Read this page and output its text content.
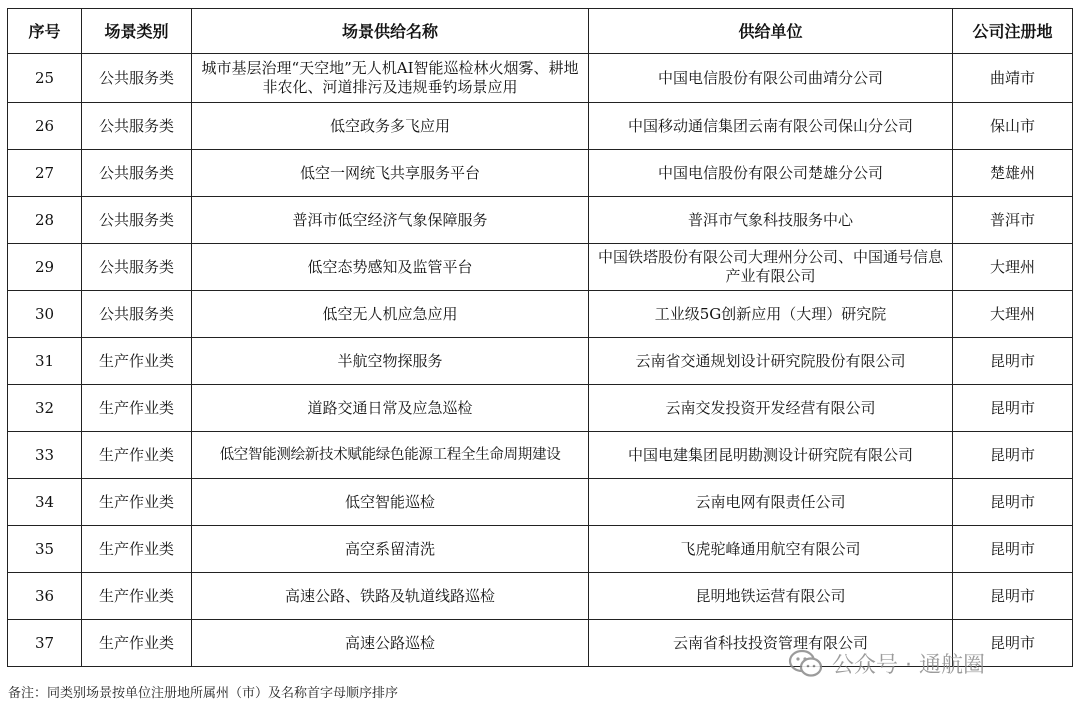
序号	场景类别	场景供给名称	供给单位	公司注册地
25	公共服务类	城市基层治理“天空地”无人机AI智能巡检林火烟雾、耕地非农化、河道排污及违规垂钓场景应用	中国电信股份有限公司曲靖分公司	曲靖市
26	公共服务类	低空政务多飞应用	中国移动通信集团云南有限公司保山分公司	保山市
27	公共服务类	低空一网统飞共享服务平台	中国电信股份有限公司楚雄分公司	楚雄州
28	公共服务类	普洱市低空经济气象保障服务	普洱市气象科技服务中心	普洱市
29	公共服务类	低空态势感知及监管平台	中国铁塔股份有限公司大理州分公司、中国通号信息产业有限公司	大理州
30	公共服务类	低空无人机应急应用	工业级5G创新应用（大理）研究院	大理州
31	生产作业类	半航空物探服务	云南省交通规划设计研究院股份有限公司	昆明市
32	生产作业类	道路交通日常及应急巡检	云南交发投资开发经营有限公司	昆明市
33	生产作业类	低空智能测绘新技术赋能绿色能源工程全生命周期建设	中国电建集团昆明勘测设计研究院有限公司	昆明市
34	生产作业类	低空智能巡检	云南电网有限责任公司	昆明市
35	生产作业类	高空系留清洗	飞虎驼峰通用航空有限公司	昆明市
36	生产作业类	高速公路、铁路及轨道线路巡检	昆明地铁运营有限公司	昆明市
37	生产作业类	高速公路巡检	云南省科技投资管理有限公司	昆明市
备注：同类别场景按单位注册地所属州（市）及名称首字母顺序排序
公众号 · 通航圈
